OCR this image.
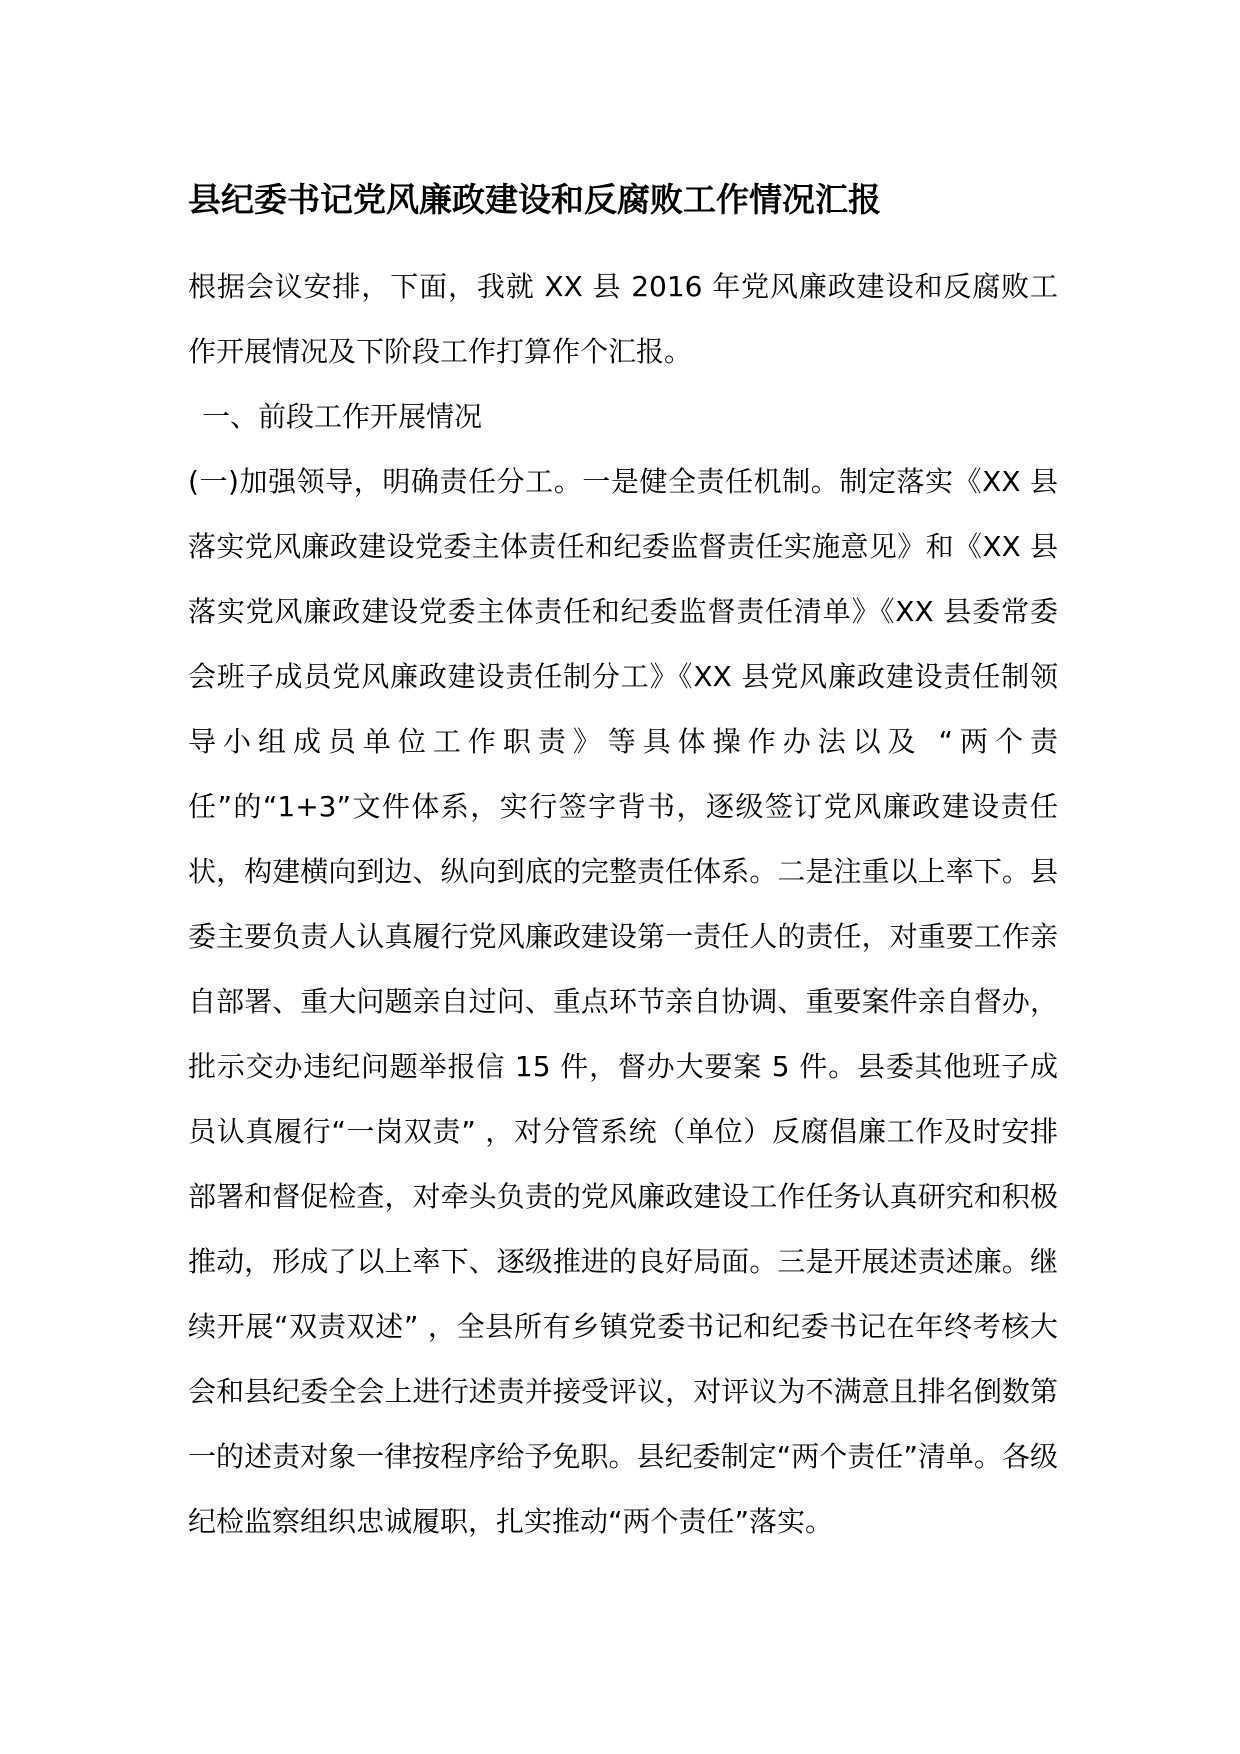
县纪委书记党风廉政建设和反腐败工作情况汇报

根据会议安排，下面，我就 XX 县 2016 年党风廉政建设和反腐败工作开展情况及下阶段工作打算作个汇报。

一、前段工作开展情况

(一)加强领导，明确责任分工。一是健全责任机制。制定落实《XX 县落实党风廉政建设党委主体责任和纪委监督责任实施意见》和《XX 县落实党风廉政建设党委主体责任和纪委监督责任清单》《XX 县委常委会班子成员党风廉政建设责任制分工》《XX 县党风廉政建设责任制领导小组成员单位工作职责》等具体操作办法以及 “两个责任”的“1+3”文件体系，实行签字背书，逐级签订党风廉政建设责任状，构建横向到边、纵向到底的完整责任体系。二是注重以上率下。县委主要负责人认真履行党风廉政建设第一责任人的责任，对重要工作亲自部署、重大问题亲自过问、重点环节亲自协调、重要案件亲自督办，批示交办违纪问题举报信 15 件，督办大要案 5 件。县委其他班子成员认真履行“一岗双责” ，对分管系统（单位）反腐倡廉工作及时安排部署和督促检查，对牵头负责的党风廉政建设工作任务认真研究和积极推动，形成了以上率下、逐级推进的良好局面。三是开展述责述廉。继续开展“双责双述” ，全县所有乡镇党委书记和纪委书记在年终考核大会和县纪委全会上进行述责并接受评议，对评议为不满意且排名倒数第一的述责对象一律按程序给予免职。县纪委制定“两个责任”清单。各级纪检监察组织忠诚履职，扎实推动“两个责任”落实。
